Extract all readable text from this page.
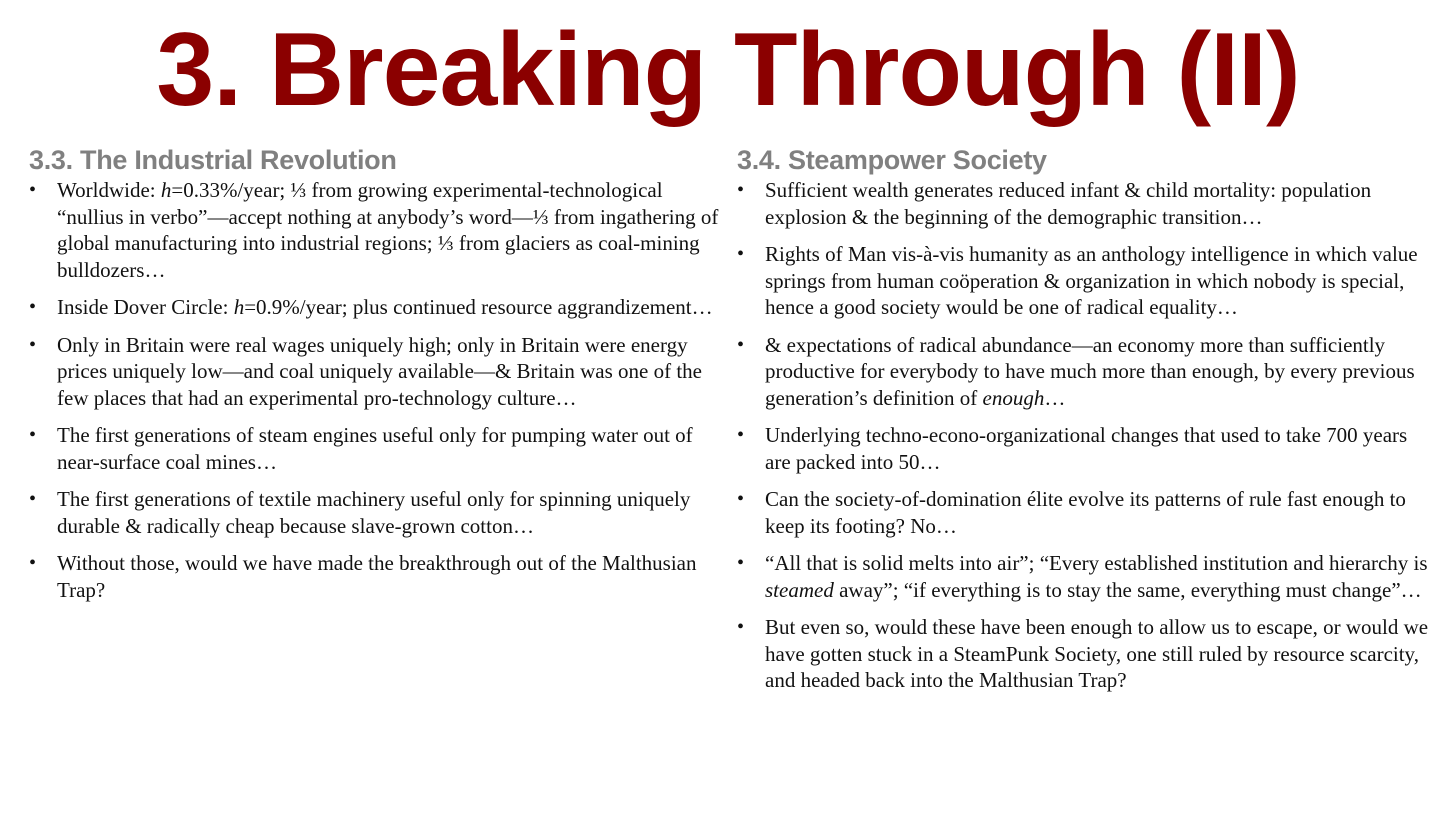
3. Breaking Through (II)
3.3. The Industrial Revolution
• Worldwide: h=0.33%/year; ⅓ from growing experimental-technological “nullius in verbo”—accept nothing at anybody’s word—⅓ from ingathering of global manufacturing into industrial regions; ⅓ from glaciers as coal-mining bulldozers…
• Inside Dover Circle: h=0.9%/year; plus continued resource aggrandizement…
• Only in Britain were real wages uniquely high; only in Britain were energy prices uniquely low—and coal uniquely available—& Britain was one of the few places that had an experimental pro-technology culture…
• The first generations of steam engines useful only for pumping water out of near-surface coal mines…
• The first generations of textile machinery useful only for spinning uniquely durable & radically cheap because slave-grown cotton…
• Without those, would we have made the breakthrough out of the Malthusian Trap?
3.4. Steampower Society
• Sufficient wealth generates reduced infant & child mortality: population explosion & the beginning of the demographic transition…
• Rights of Man vis-à-vis humanity as an anthology intelligence in which value springs from human coöperation & organization in which nobody is special, hence a good society would be one of radical equality…
• & expectations of radical abundance—an economy more than sufficiently productive for everybody to have much more than enough, by every previous generation’s definition of enough…
• Underlying techno-econo-organizational changes that used to take 700 years are packed into 50…
• Can the society-of-domination élite evolve its patterns of rule fast enough to keep its footing? No…
• “All that is solid melts into air”; “Every established institution and hierarchy is steamed away”; “if everything is to stay the same, everything must change”…
• But even so, would these have been enough to allow us to escape, or would we have gotten stuck in a SteamPunk Society, one still ruled by resource scarcity, and headed back into the Malthusian Trap?
